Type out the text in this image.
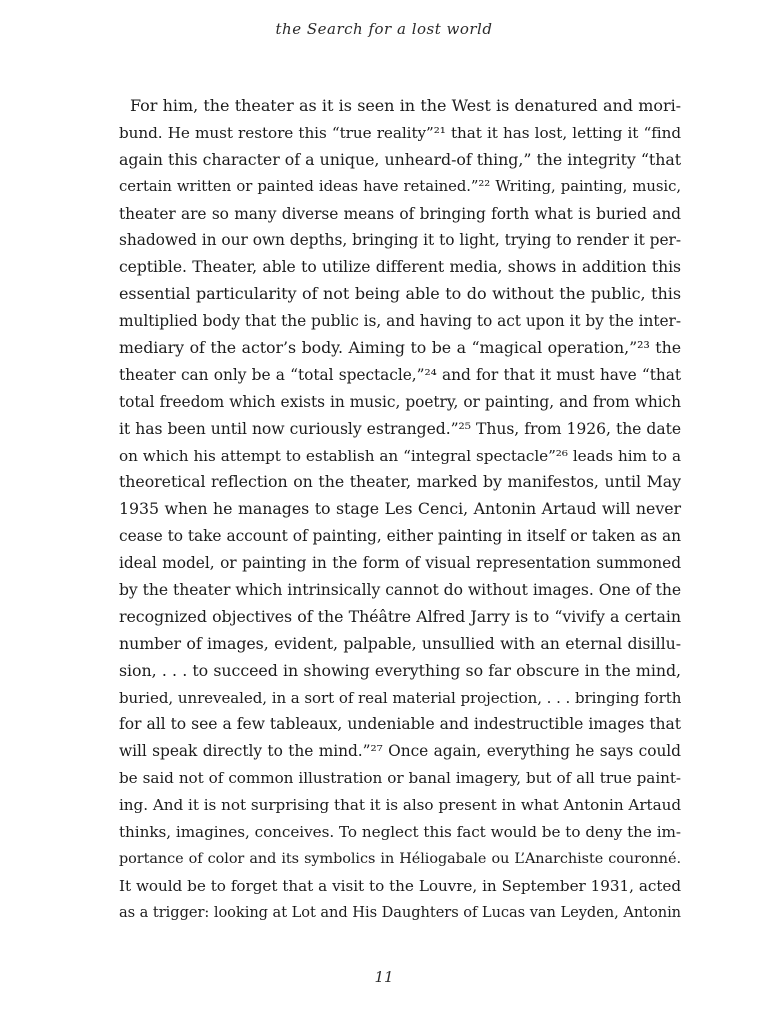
the Search for a lost world
For him, the theater as it is seen in the West is denatured and mori-
bund. He must restore this “true reality”²¹ that it has lost, letting it “find
again this character of a unique, unheard-of thing,” the integrity “that
certain written or painted ideas have retained.”²² Writing, painting, music,
theater are so many diverse means of bringing forth what is buried and
shadowed in our own depths, bringing it to light, trying to render it per-
ceptible. Theater, able to utilize different media, shows in addition this
essential particularity of not being able to do without the public, this
multiplied body that the public is, and having to act upon it by the inter-
mediary of the actor’s body. Aiming to be a “magical operation,”²³ the
theater can only be a “total spectacle,”²⁴ and for that it must have “that
total freedom which exists in music, poetry, or painting, and from which
it has been until now curiously estranged.”²⁵ Thus, from 1926, the date
on which his attempt to establish an “integral spectacle”²⁶ leads him to a
theoretical reflection on the theater, marked by manifestos, until May
1935 when he manages to stage Les Cenci, Antonin Artaud will never
cease to take account of painting, either painting in itself or taken as an
ideal model, or painting in the form of visual representation summoned
by the theater which intrinsically cannot do without images. One of the
recognized objectives of the Théâtre Alfred Jarry is to “vivify a certain
number of images, evident, palpable, unsullied with an eternal disillu-
sion, . . . to succeed in showing everything so far obscure in the mind,
buried, unrevealed, in a sort of real material projection, . . . bringing forth
for all to see a few tableaux, undeniable and indestructible images that
will speak directly to the mind.”²⁷ Once again, everything he says could
be said not of common illustration or banal imagery, but of all true paint-
ing. And it is not surprising that it is also present in what Antonin Artaud
thinks, imagines, conceives. To neglect this fact would be to deny the im-
portance of color and its symbolics in Héliogabale ou L’Anarchiste couronné.
It would be to forget that a visit to the Louvre, in September 1931, acted
as a trigger: looking at Lot and His Daughters of Lucas van Leyden, Antonin
11
